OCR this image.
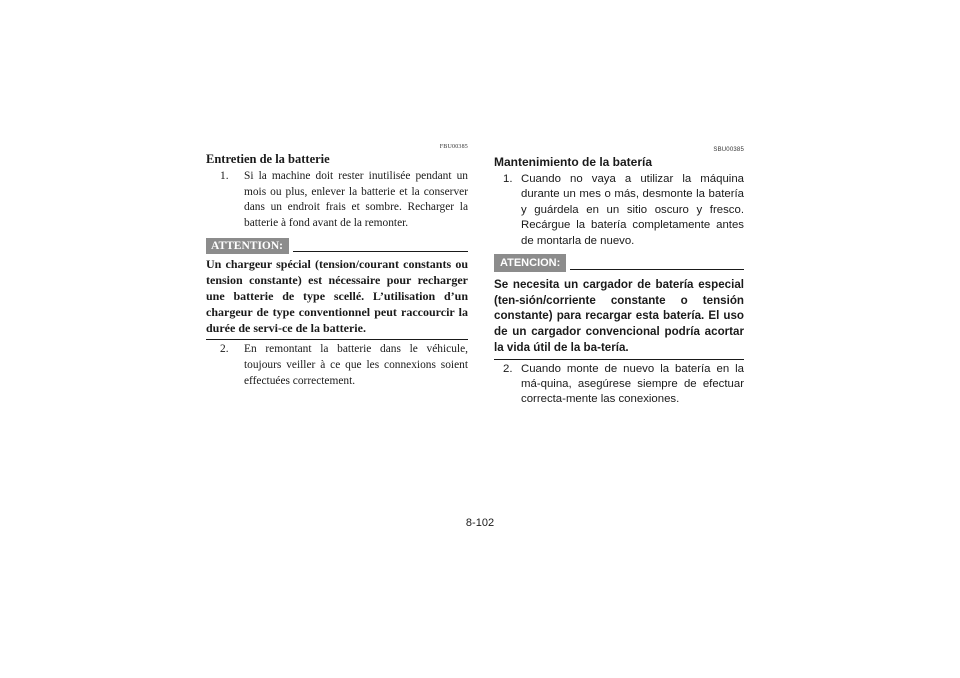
FBU00385
Entretien de la batterie
1. Si la machine doit rester inutilisée pendant un mois ou plus, enlever la batterie et la conserver dans un endroit frais et sombre. Recharger la batterie à fond avant de la remonter.
ATTENTION:
Un chargeur spécial (tension/courant constants ou tension constante) est nécessaire pour recharger une batterie de type scellé. L’utilisation d’un chargeur de type conventionnel peut raccourcir la durée de servi-ce de la batterie.
2. En remontant la batterie dans le véhicule, toujours veiller à ce que les connexions soient effectuées correctement.
SBU00385
Mantenimiento de la batería
1. Cuando no vaya a utilizar la máquina durante un mes o más, desmonte la batería y guárdela en un sitio oscuro y fresco. Recárgue la batería completamente antes de montarla de nuevo.
ATENCION:
Se necesita un cargador de batería especial (ten-sión/corriente constante o tensión constante) para recargar esta batería. El uso de un cargador convencional podría acortar la vida útil de la ba-tería.
2. Cuando monte de nuevo la batería en la má-quina, asegúrese siempre de efectuar correcta-mente las conexiones.
8-102
